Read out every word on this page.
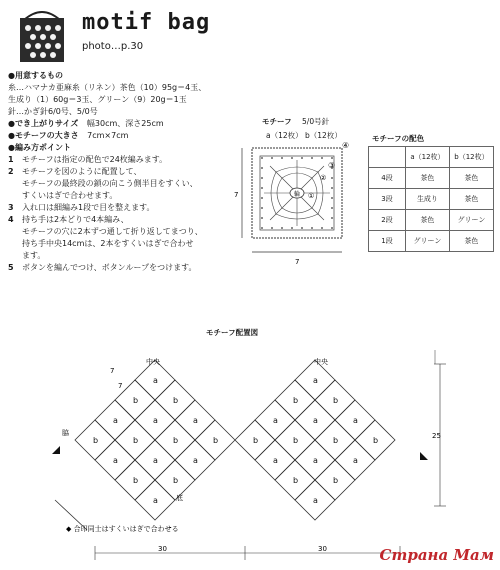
motif bag
photo…p.30
●用意するもの
糸…ハマナカ亜麻糸（リネン）茶色（10）95g＝4玉、
生成り（1）60g＝3玉、グリーン（9）20g＝1玉
針…かぎ針6/0号、5/0号
●でき上がりサイズ 幅30cm、深さ25cm
●モチーフの大きさ 7cm×7cm
●編み方ポイント
1 モチーフは指定の配色で24枚編みます。
2 モチーフを図のように配置して、
モチーフの最終段の鎖の向こう側半目をすくい、
すくいはぎで合わせます。
3 入れ口は細編み1段で目を整えます。
4 持ち手は2本どりで4本編み、
モチーフの穴に2本ずつ通して折り返してまつり、
持ち手中央14cmは、2本をすくいはぎで合わせ
ます。
5 ボタンを編んでつけ、ボタンループをつけます。
モチーフ 5/0号針
a（12枚） b（12枚）
輪
④
③
②
①
7
7
モチーフの配色
	a（12枚）	b（12枚）
4段	茶色	茶色
3段	生成り	茶色
2段	茶色	グリーン
1段	グリーン	茶色
モチーフ配置図
a
b
a
b
b
a
b
a
a
b
a
b
b
a
b
a
a
b
a
b
b
a
b
a
a
b
a
b
b
a
b
a
30	30
25
中央	中央
脇
底
7
7
◆ 合印同士はすくいはぎで合わせる
Страна Мам
